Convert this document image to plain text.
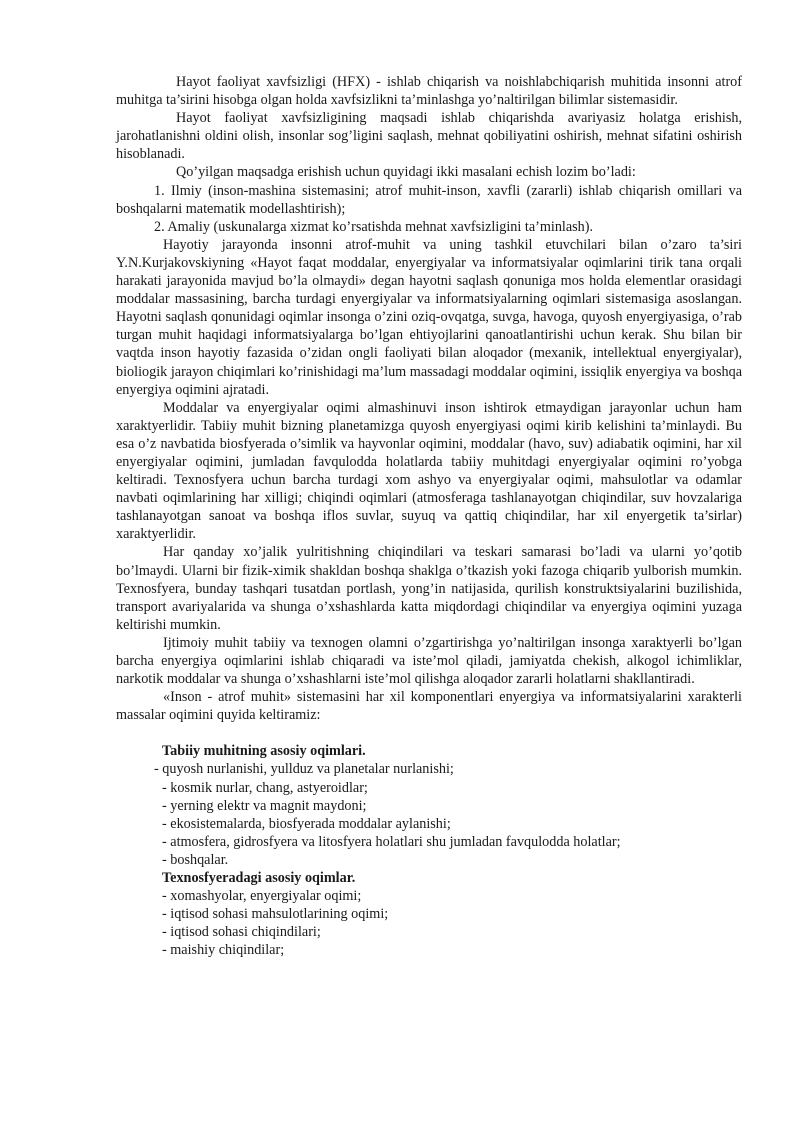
Hayot faoliyat xavfsizligi (HFX) - ishlab chiqarish va noishlabchiqarish muhitida insonni atrof muhitga ta’sirini hisobga olgan holda xavfsizlikni ta’minlashga yo’naltirilgan bilimlar sistemasidir.

Hayot faoliyat xavfsizligining maqsadi ishlab chiqarishda avariyasiz holatga erishish, jarohatlanishni oldini olish, insonlar sog’ligini saqlash, mehnat qobiliyatini oshirish, mehnat sifatini oshirish hisoblanadi.

Qo’yilgan maqsadga erishish uchun quyidagi ikki masalani echish lozim bo’ladi:

1. Ilmiy (inson-mashina sistemasini; atrof muhit-inson, xavfli (zararli) ishlab chiqarish omillari va boshqalarni matematik modellashtirish);

2. Amaliy (uskunalarga xizmat ko’rsatishda mehnat xavfsizligini ta’minlash).

Hayotiy jarayonda insonni atrof-muhit va uning tashkil etuvchilari bilan o’zaro ta’siri Y.N.Kurjakovskiyning «Hayot faqat moddalar, enyergiyalar va informatsiyalar oqimlarini tirik tana orqali harakati jarayonida mavjud bo’la olmaydi» degan hayotni saqlash qonuniga mos holda elementlar orasidagi moddalar massasining, barcha turdagi enyergiyalar va informatsiyalarning oqimlari sistemasiga asoslangan. Hayotni saqlash qonunidagi oqimlar insonga o’zini oziq-ovqatga, suvga, havoga, quyosh enyergiyasiga, o’rab turgan muhit haqidagi informatsiyalarga bo’lgan ehtiyojlarini qanoatlantirishi uchun kerak. Shu bilan bir vaqtda inson hayotiy fazasida o’zidan ongli faoliyati bilan aloqador (mexanik, intellektual enyergiyalar), bioliogik jarayon chiqimlari ko’rinishidagi ma’lum massadagi moddalar oqimini, issiqlik enyergiya va boshqa enyergiya oqimini ajratadi.

Moddalar va enyergiyalar oqimi almashinuvi inson ishtirok etmaydigan jarayonlar uchun ham xaraktyerlidir. Tabiiy muhit bizning planetamizga quyosh enyergiyasi oqimi kirib kelishini ta’minlaydi. Bu esa o’z navbatida biosfyerada o’simlik va hayvonlar oqimini, moddalar (havo, suv) adiabatik oqimini, har xil enyergiyalar oqimini, jumladan favqulodda holatlarda tabiiy muhitdagi enyergiyalar oqimini ro’yobga keltiradi. Texnosfyera uchun barcha turdagi xom ashyo va enyergiyalar oqimi, mahsulotlar va odamlar navbati oqimlarining har xilligi; chiqindi oqimlari (atmosferaga tashlanayotgan chiqindilar, suv hovzalariga tashlanayotgan sanoat va boshqa iflos suvlar, suyuq va qattiq chiqindilar, har xil enyergetik ta’sirlar) xaraktyerlidir.

Har qanday xo’jalik yulritishning chiqindilari va teskari samarasi bo’ladi va ularni yo’qotib bo’lmaydi. Ularni bir fizik-ximik shakldan boshqa shaklga o’tkazish yoki fazoga chiqarib yulborish mumkin. Texnosfyera, bunday tashqari tusatdan portlash, yong’in natijasida, qurilish konstruktsiyalarini buzilishida, transport avariyalarida va shunga o’xshashlarda katta miqdordagi chiqindilar va enyergiya oqimini yuzaga keltirishi mumkin.

Ijtimoiy muhit tabiiy va texnogen olamni o’zgartirishga yo’naltirilgan insonga xaraktyerli bo’lgan barcha enyergiya oqimlarini ishlab chiqaradi va iste’mol qiladi, jamiyatda chekish, alkogol ichimliklar, narkotik moddalar va shunga o’xshashlarni iste’mol qilishga aloqador zararli holatlarni shakllantiradi.

«Inson - atrof muhit» sistemasini har xil komponentlari enyergiya va informatsiyalarini xarakterli massalar oqimini quyida keltiramiz:

Tabiiy muhitning asosiy oqimlari.

- quyosh nurlanishi, yullduz va planetalar nurlanishi;

- kosmik nurlar, chang, astyeroidlar;

- yerning elektr va magnit maydoni;

- ekosistemalarda, biosfyerada moddalar aylanishi;

- atmosfera, gidrosfyera va litosfyera holatlari shu jumladan favqulodda holatlar;

- boshqalar.

Texnosfyeradagi asosiy oqimlar.

- xomashyolar, enyergiyalar oqimi;

- iqtisod sohasi mahsulotlarining oqimi;

- iqtisod sohasi chiqindilari;

- maishiy chiqindilar;
